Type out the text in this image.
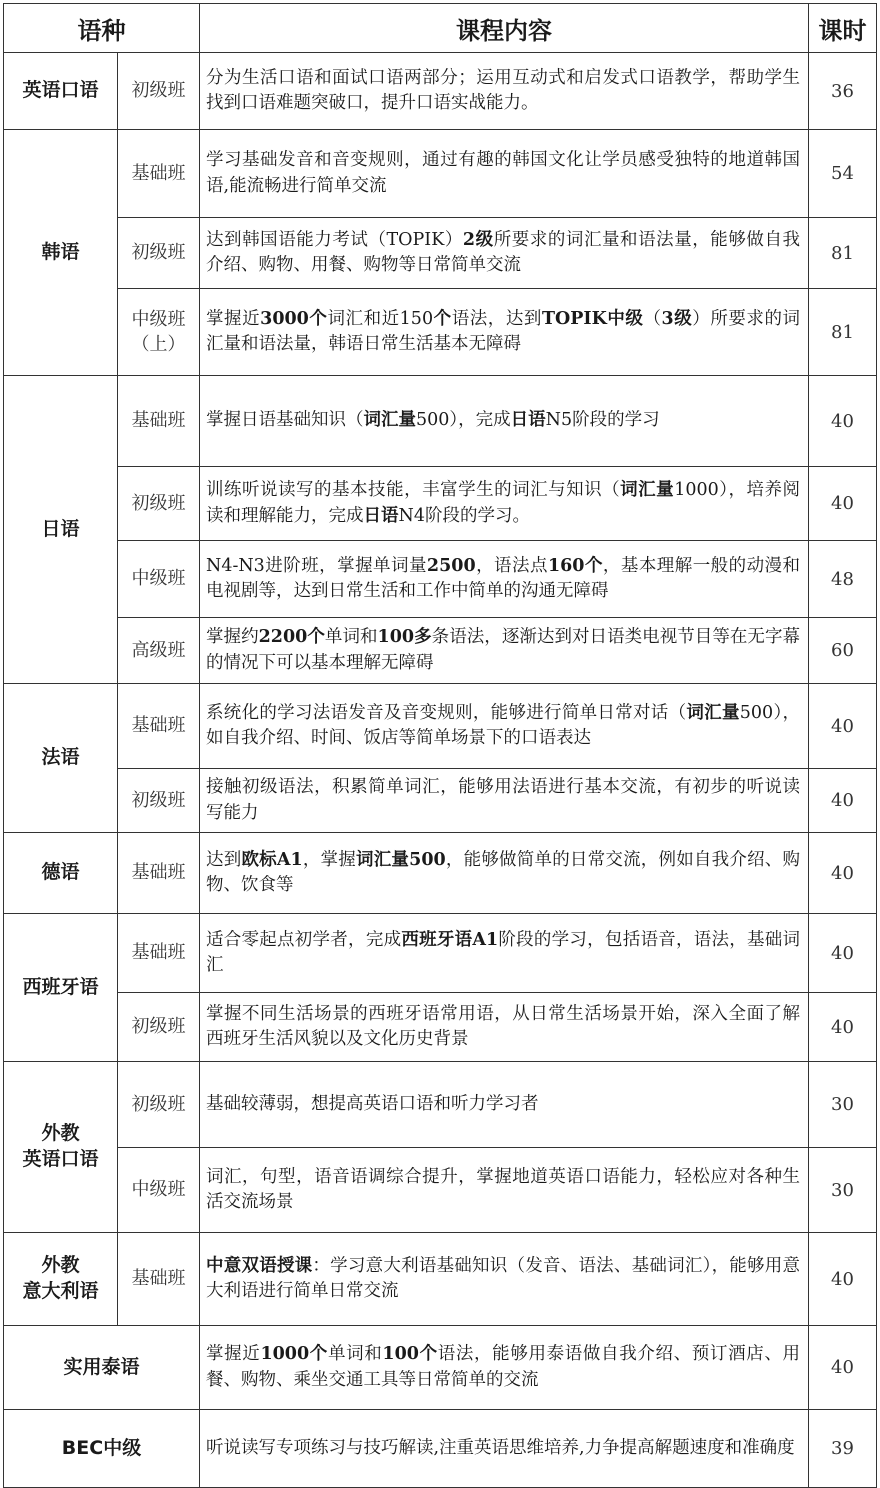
语种		课程内容	课时

英语口语	初级班	分为生活口语和面试口语两部分；运用互动式和启发式口语教学，帮助学生找到口语难题突破口，提升口语实战能力。	36

韩语	基础班	学习基础发音和音变规则，通过有趣的韩国文化让学员感受独特的地道韩国语,能流畅进行简单交流	54

	初级班	达到韩国语能力考试（TOPIK）2级所要求的词汇量和语法量，能够做自我介绍、购物、用餐、购物等日常简单交流	81

	中级班
（上）	掌握近3000个词汇和近150个语法，达到TOPIK中级（3级）所要求的词汇量和语法量，韩语日常生活基本无障碍	81

日语	基础班	掌握日语基础知识（词汇量500），完成日语N5阶段的学习	40

	初级班	训练听说读写的基本技能，丰富学生的词汇与知识（词汇量1000），培养阅读和理解能力，完成日语N4阶段的学习。	40

	中级班	N4-N3进阶班，掌握单词量2500，语法点160个，基本理解一般的动漫和电视剧等，达到日常生活和工作中简单的沟通无障碍	48

	高级班	掌握约2200个单词和100多条语法，逐渐达到对日语类电视节目等在无字幕的情况下可以基本理解无障碍	60

法语	基础班	系统化的学习法语发音及音变规则，能够进行简单日常对话（词汇量500），如自我介绍、时间、饭店等简单场景下的口语表达	40

	初级班	接触初级语法，积累简单词汇，能够用法语进行基本交流，有初步的听说读写能力	40

德语	基础班	达到欧标A1，掌握词汇量500，能够做简单的日常交流，例如自我介绍、购物、饮食等	40

西班牙语	基础班	适合零起点初学者，完成西班牙语A1阶段的学习，包括语音，语法，基础词汇	40

	初级班	掌握不同生活场景的西班牙语常用语，从日常生活场景开始，深入全面了解西班牙生活风貌以及文化历史背景	40

外教
英语口语	初级班	基础较薄弱，想提高英语口语和听力学习者	30

	中级班	词汇，句型，语音语调综合提升，掌握地道英语口语能力，轻松应对各种生活交流场景	30

外教
意大利语	基础班	中意双语授课：学习意大利语基础知识（发音、语法、基础词汇），能够用意大利语进行简单日常交流	40

实用泰语		掌握近1000个单词和100个语法，能够用泰语做自我介绍、预订酒店、用餐、购物、乘坐交通工具等日常简单的交流	40

BEC中级		听说读写专项练习与技巧解读,注重英语思维培养,力争提高解题速度和准确度	39
